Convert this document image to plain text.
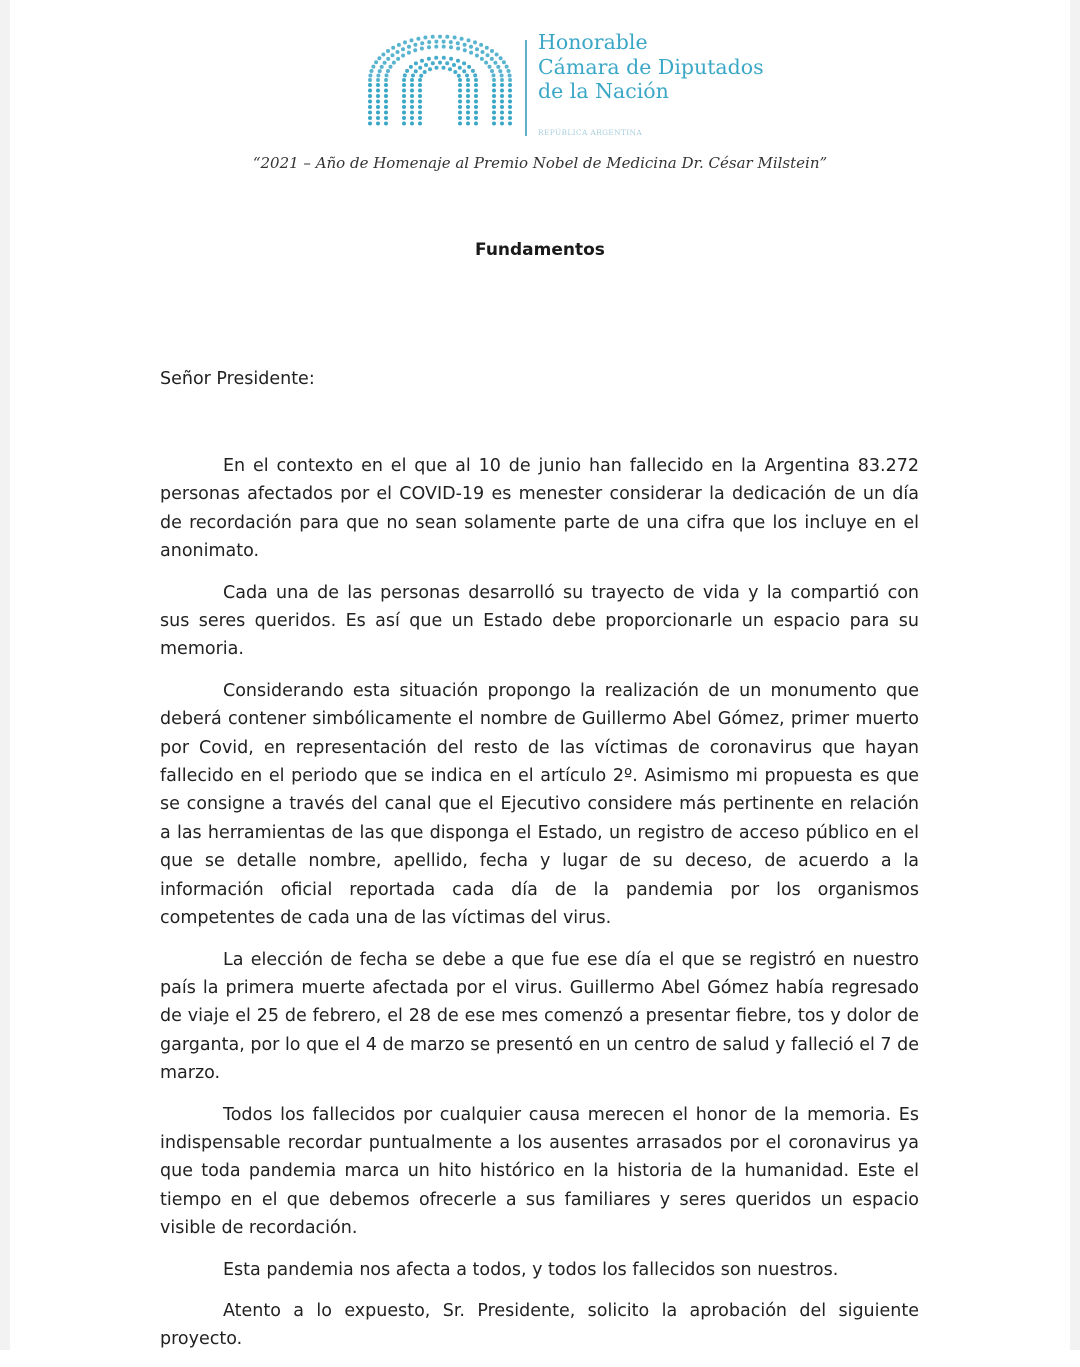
Honorable
Cámara de Diputados
de la Nación
REPÚBLICA ARGENTINA
“2021 – Año de Homenaje al Premio Nobel de Medicina Dr. César Milstein”
Fundamentos
Señor Presidente:

En el contexto en el que al 10 de junio han fallecido en la Argentina 83.272 personas afectados por el COVID-19 es menester considerar la dedicación de un día de recordación para que no sean solamente parte de una cifra que los incluye en el anonimato.

Cada una de las personas desarrolló su trayecto de vida y la compartió con sus seres queridos. Es así que un Estado debe proporcionarle un espacio para su memoria.

Considerando esta situación propongo la realización de un monumento que deberá contener simbólicamente el nombre de Guillermo Abel Gómez, primer muerto por Covid, en representación del resto de las víctimas de coronavirus que hayan fallecido en el periodo que se indica en el artículo 2º. Asimismo mi propuesta es que se consigne a través del canal que el Ejecutivo considere más pertinente en relación a las herramientas de las que disponga el Estado, un registro de acceso público en el que se detalle nombre, apellido, fecha y lugar de su deceso, de acuerdo a la información oficial reportada cada día de la pandemia por los organismos competentes de cada una de las víctimas del virus.

La elección de fecha se debe a que fue ese día el que se registró en nuestro país la primera muerte afectada por el virus. Guillermo Abel Gómez había regresado de viaje el 25 de febrero, el 28 de ese mes comenzó a presentar fiebre, tos y dolor de garganta, por lo que el 4 de marzo se presentó en un centro de salud y falleció el 7 de marzo.

Todos los fallecidos por cualquier causa merecen el honor de la memoria. Es indispensable recordar puntualmente a los ausentes arrasados por el coronavirus ya que toda pandemia marca un hito histórico en la historia de la humanidad. Este el tiempo en el que debemos ofrecerle a sus familiares y seres queridos un espacio visible de recordación.

Esta pandemia nos afecta a todos, y todos los fallecidos son nuestros.

Atento a lo expuesto, Sr. Presidente, solicito la aprobación del siguiente proyecto.
